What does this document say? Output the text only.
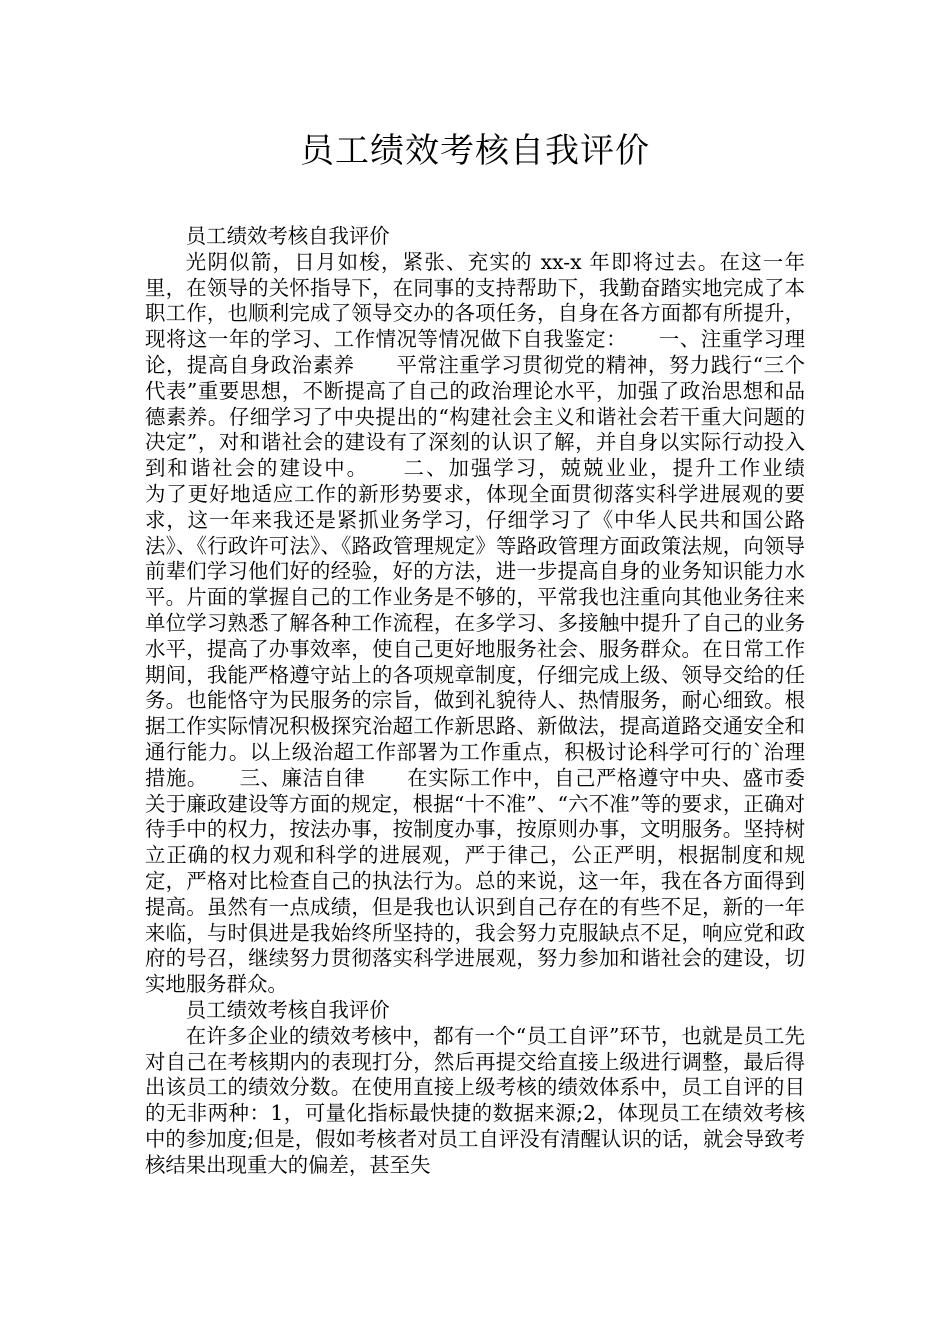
员工绩效考核自我评价

员工绩效考核自我评价

光阴似箭，日月如梭，紧张、充实的 xx-x 年即将过去。在这一年里，在领导的关怀指导下，在同事的支持帮助下，我勤奋踏实地完成了本职工作，也顺利完成了领导交办的各项任务，自身在各方面都有所提升，现将这一年的学习、工作情况等情况做下自我鉴定：　　一、注重学习理论，提高自身政治素养　　平常注重学习贯彻党的精神，努力践行“三个代表”重要思想，不断提高了自己的政治理论水平，加强了政治思想和品德素养。仔细学习了中央提出的“构建社会主义和谐社会若干重大问题的决定”，对和谐社会的建设有了深刻的认识了解，并自身以实际行动投入到和谐社会的建设中。　　二、加强学习，兢兢业业，提升工作业绩　　为了更好地适应工作的新形势要求，体现全面贯彻落实科学进展观的要求，这一年来我还是紧抓业务学习，仔细学习了《中华人民共和国公路法》、《行政许可法》、《路政管理规定》等路政管理方面政策法规，向领导前辈们学习他们好的经验，好的方法，进一步提高自身的业务知识能力水平。片面的掌握自己的工作业务是不够的，平常我也注重向其他业务往来单位学习熟悉了解各种工作流程，在多学习、多接触中提升了自己的业务水平，提高了办事效率，使自己更好地服务社会、服务群众。在日常工作期间，我能严格遵守站上的各项规章制度，仔细完成上级、领导交给的任务。也能恪守为民服务的宗旨，做到礼貌待人、热情服务，耐心细致。根据工作实际情况积极探究治超工作新思路、新做法，提高道路交通安全和通行能力。以上级治超工作部署为工作重点，积极讨论科学可行的`治理措施。　　三、廉洁自律　　在实际工作中，自己严格遵守中央、盛市委关于廉政建设等方面的规定，根据“十不准”、“六不准”等的要求，正确对待手中的权力，按法办事，按制度办事，按原则办事，文明服务。坚持树立正确的权力观和科学的进展观，严于律己，公正严明，根据制度和规定，严格对比检查自己的执法行为。总的来说，这一年，我在各方面得到提高。虽然有一点成绩，但是我也认识到自己存在的有些不足，新的一年来临，与时俱进是我始终所坚持的，我会努力克服缺点不足，响应党和政府的号召，继续努力贯彻落实科学进展观，努力参加和谐社会的建设，切实地服务群众。

员工绩效考核自我评价

在许多企业的绩效考核中，都有一个“员工自评”环节，也就是员工先对自己在考核期内的表现打分，然后再提交给直接上级进行调整，最后得出该员工的绩效分数。在使用直接上级考核的绩效体系中，员工自评的目的无非两种：1，可量化指标最快捷的数据来源;2，体现员工在绩效考核中的参加度;但是，假如考核者对员工自评没有清醒认识的话，就会导致考核结果出现重大的偏差，甚至失
